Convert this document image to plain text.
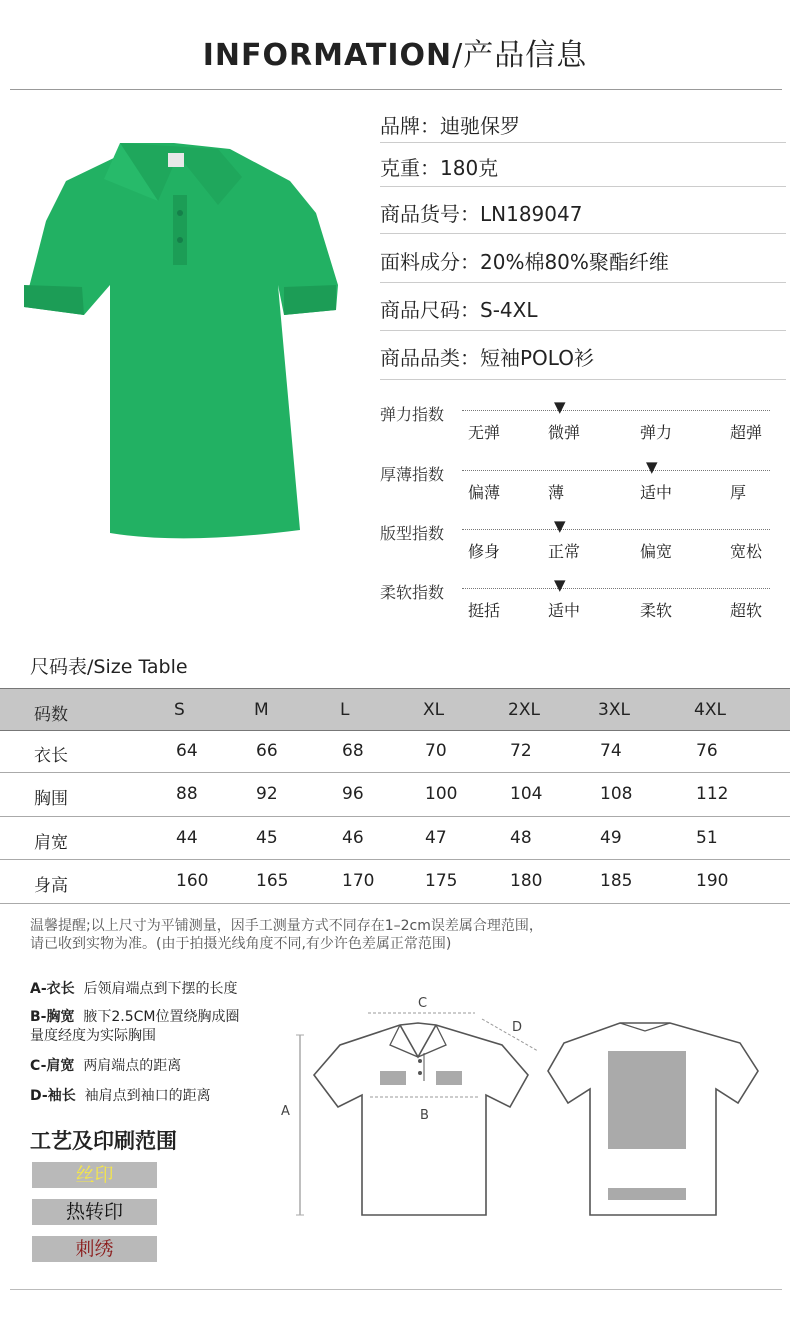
INFORMATION/产品信息
品牌：迪驰保罗
克重：180克
商品货号：LN189047
面料成分：20%棉80%聚酯纤维
商品尺码：S-4XL
商品品类：短袖POLO衫
弹力指数
无弹	微弹	弹力	超弹
▼
厚薄指数
偏薄	薄	适中	厚
▼
版型指数
修身	正常	偏宽	宽松
▼
柔软指数
挺括	适中	柔软	超软
▼
尺码表/Size Table
码数	S	M	L	XL	2XL	3XL	4XL
衣长	64	66	68	70	72	74	76
胸围	88	92	96	100	104	108	112
肩宽	44	45	46	47	48	49	51
身高	160	165	170	175	180	185	190
温馨提醒;以上尺寸为平铺测量，因手工测量方式不同存在1–2cm误差属合理范围，
请已收到实物为准。(由于拍摄光线角度不同,有少许色差属正常范围)
A-衣长 后领肩端点到下摆的长度
B-胸宽 腋下2.5CM位置绕胸成圈
量度经度为实际胸围
C-肩宽 两肩端点的距离
D-袖长 袖肩点到袖口的距离
工艺及印刷范围
丝印
热转印
刺绣
A
C
D
B
